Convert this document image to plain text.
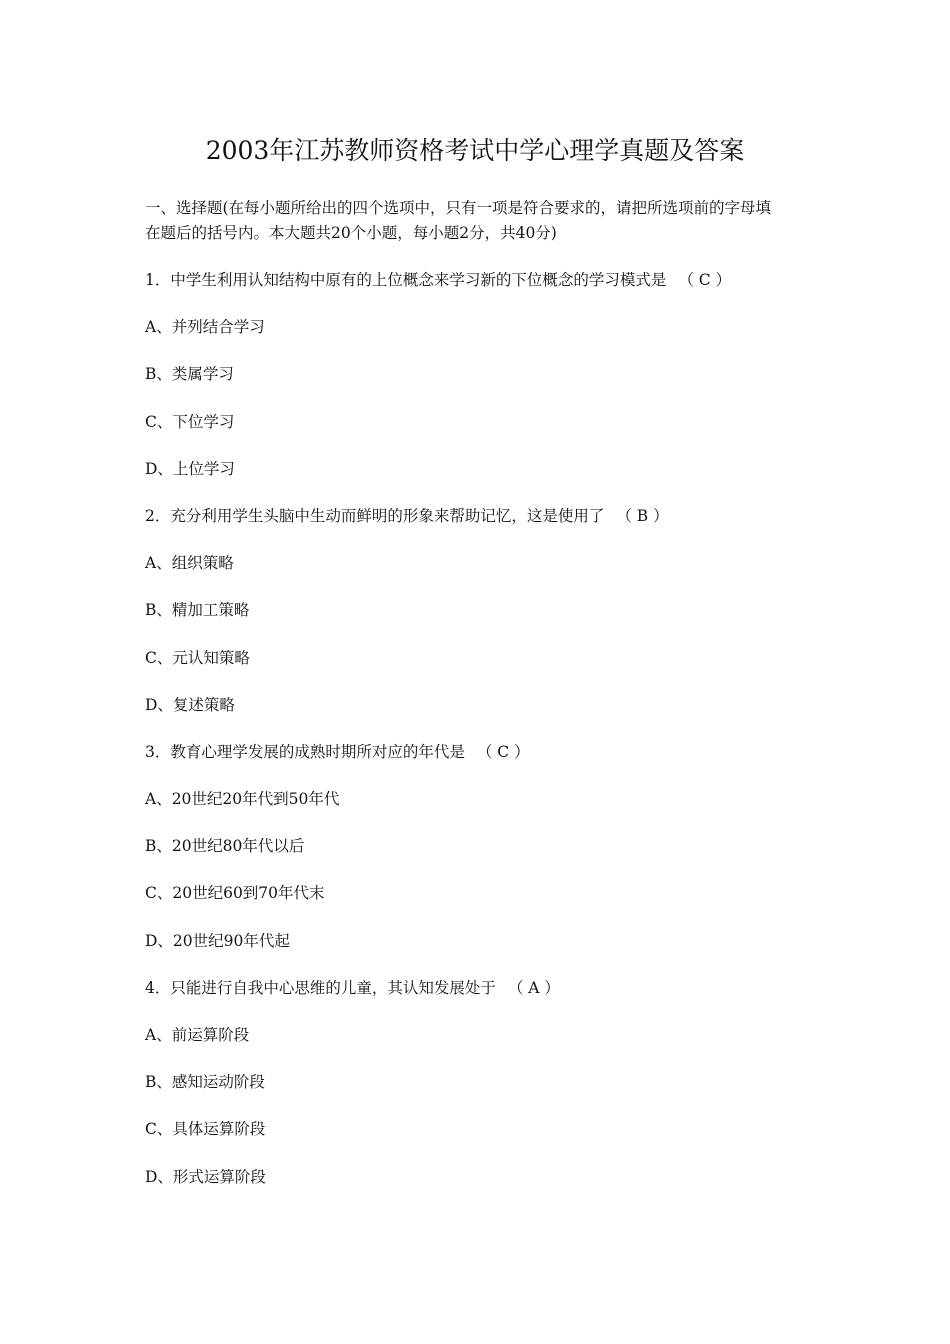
2003年江苏教师资格考试中学心理学真题及答案
一、选择题(在每小题所给出的四个选项中，只有一项是符合要求的，请把所选项前的字母填
在题后的括号内。本大题共20个小题，每小题2分，共40分)
1．中学生利用认知结构中原有的上位概念来学习新的下位概念的学习模式是 （ C ）
A、并列结合学习
B、类属学习
C、下位学习
D、上位学习
2．充分利用学生头脑中生动而鲜明的形象来帮助记忆，这是使用了 （ B ）
A、组织策略
B、精加工策略
C、元认知策略
D、复述策略
3．教育心理学发展的成熟时期所对应的年代是 （ C ）
A、20世纪20年代到50年代
B、20世纪80年代以后
C、20世纪60到70年代末
D、20世纪90年代起
4．只能进行自我中心思维的儿童，其认知发展处于 （ A ）
A、前运算阶段
B、感知运动阶段
C、具体运算阶段
D、形式运算阶段
